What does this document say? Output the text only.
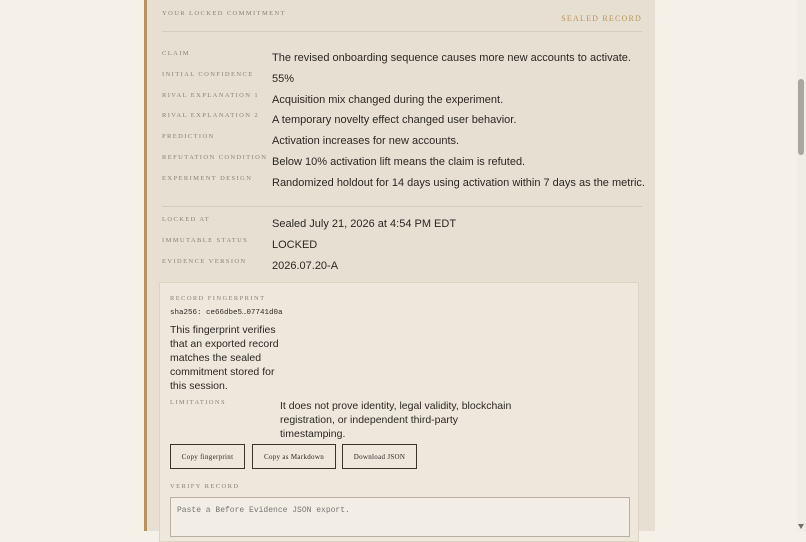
YOUR LOCKED COMMITMENT
SEALED RECORD
CLAIM	The revised onboarding sequence causes more new accounts to activate.
INITIAL CONFIDENCE 55%
RIVAL EXPLANATION 1 Acquisition mix changed during the experiment.
RIVAL EXPLANATION 2 A temporary novelty effect changed user behavior.
PREDICTION	Activation increases for new accounts.
REFUTATION CONDITION Below 10% activation lift means the claim is refuted.
EXPERIMENT DESIGN Randomized holdout for 14 days using activation within 7 days as the metric.
LOCKED AT	Sealed July 21, 2026 at 4:54 PM EDT
IMMUTABLE STATUS LOCKED
EVIDENCE VERSION 2026.07.20-A
RECORD FINGERPRINT
sha256: ce66dbe5…07741d0a
This fingerprint verifies that an exported record matches the sealed commitment stored for this session.
LIMITATIONS	It does not prove identity, legal validity, blockchain registration, or independent third-party timestamping.
Copy fingerprint	Copy as Markdown	Download JSON
VERIFY RECORD
Paste a Before Evidence JSON export.
